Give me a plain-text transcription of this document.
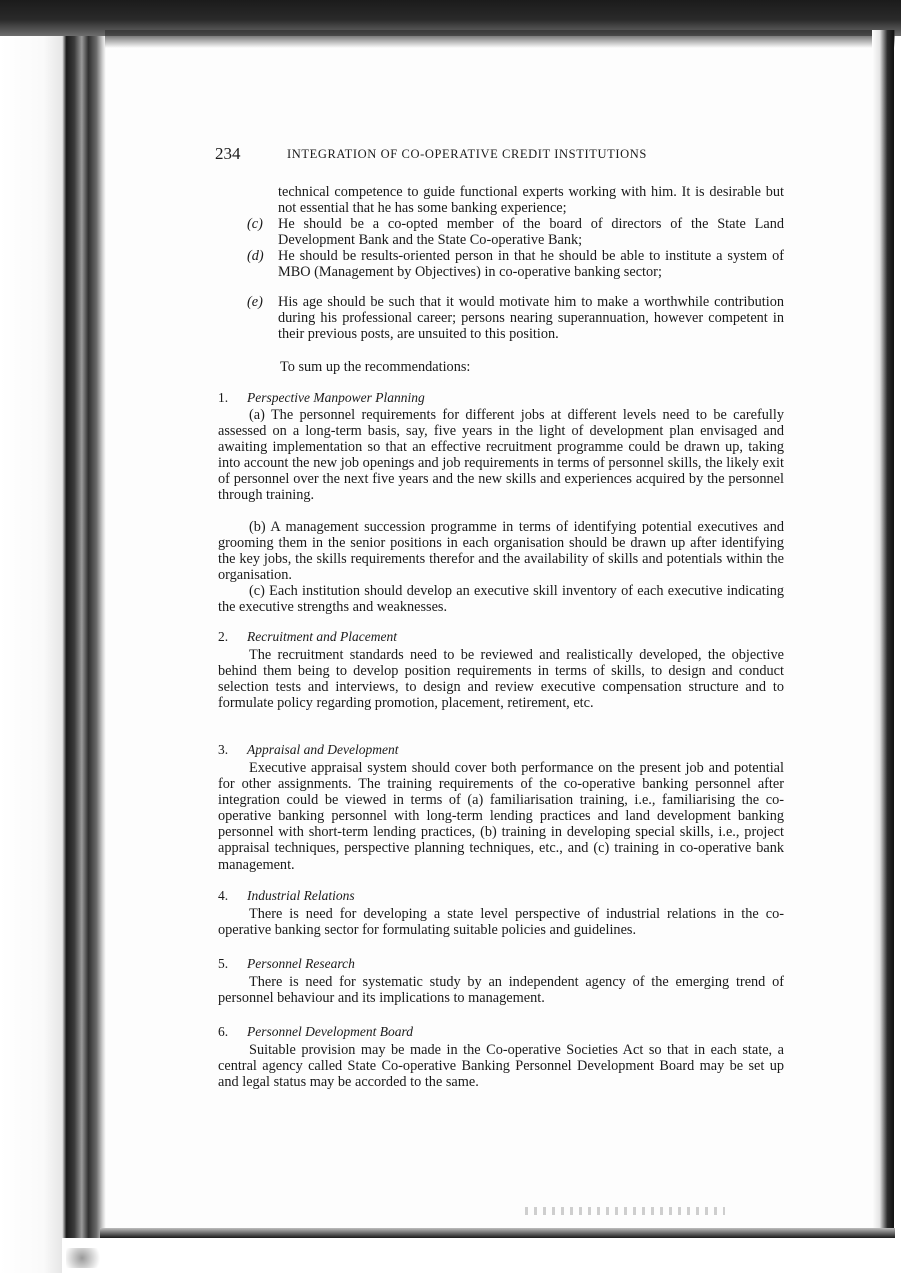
234	INTEGRATION OF CO-OPERATIVE CREDIT INSTITUTIONS

technical competence to guide functional experts working with him. It is desirable but not essential that he has some banking experience;

(c) He should be a co-opted member of the board of directors of the State Land Development Bank and the State Co-operative Bank;
(d) He should be results-oriented person in that he should be able to institute a system of MBO (Management by Objectives) in co-operative banking sector;
(e) His age should be such that it would motivate him to make a worthwhile contribution during his professional career; persons nearing superannuation, however competent in their previous posts, are unsuited to this position.

To sum up the recommendations:

1. Perspective Manpower Planning

(a) The personnel requirements for different jobs at different levels need to be carefully assessed on a long-term basis, say, five years in the light of development plan envisaged and awaiting implementation so that an effective recruitment programme could be drawn up, taking into account the new job openings and job requirements in terms of personnel skills, the likely exit of personnel over the next five years and the new skills and experiences acquired by the personnel through training.

(b) A management succession programme in terms of identifying potential executives and grooming them in the senior positions in each organisation should be drawn up after identifying the key jobs, the skills requirements therefor and the availability of skills and potentials within the organisation.

(c) Each institution should develop an executive skill inventory of each executive indicating the executive strengths and weaknesses.

2. Recruitment and Placement

The recruitment standards need to be reviewed and realistically developed, the objective behind them being to develop position requirements in terms of skills, to design and conduct selection tests and interviews, to design and review executive compensation structure and to formulate policy regarding promotion, placement, retirement, etc.

3. Appraisal and Development

Executive appraisal system should cover both performance on the present job and potential for other assignments. The training requirements of the co-operative banking personnel after integration could be viewed in terms of (a) familiarisation training, i.e., familiarising the co-operative banking personnel with long-term lending practices and land development banking personnel with short-term lending practices, (b) training in developing special skills, i.e., project appraisal techniques, perspective planning techniques, etc., and (c) training in co-operative bank management.

4. Industrial Relations

There is need for developing a state level perspective of industrial relations in the co-operative banking sector for formulating suitable policies and guidelines.

5. Personnel Research

There is need for systematic study by an independent agency of the emerging trend of personnel behaviour and its implications to management.

6. Personnel Development Board

Suitable provision may be made in the Co-operative Societies Act so that in each state, a central agency called State Co-operative Banking Personnel Development Board may be set up and legal status may be accorded to the same.
